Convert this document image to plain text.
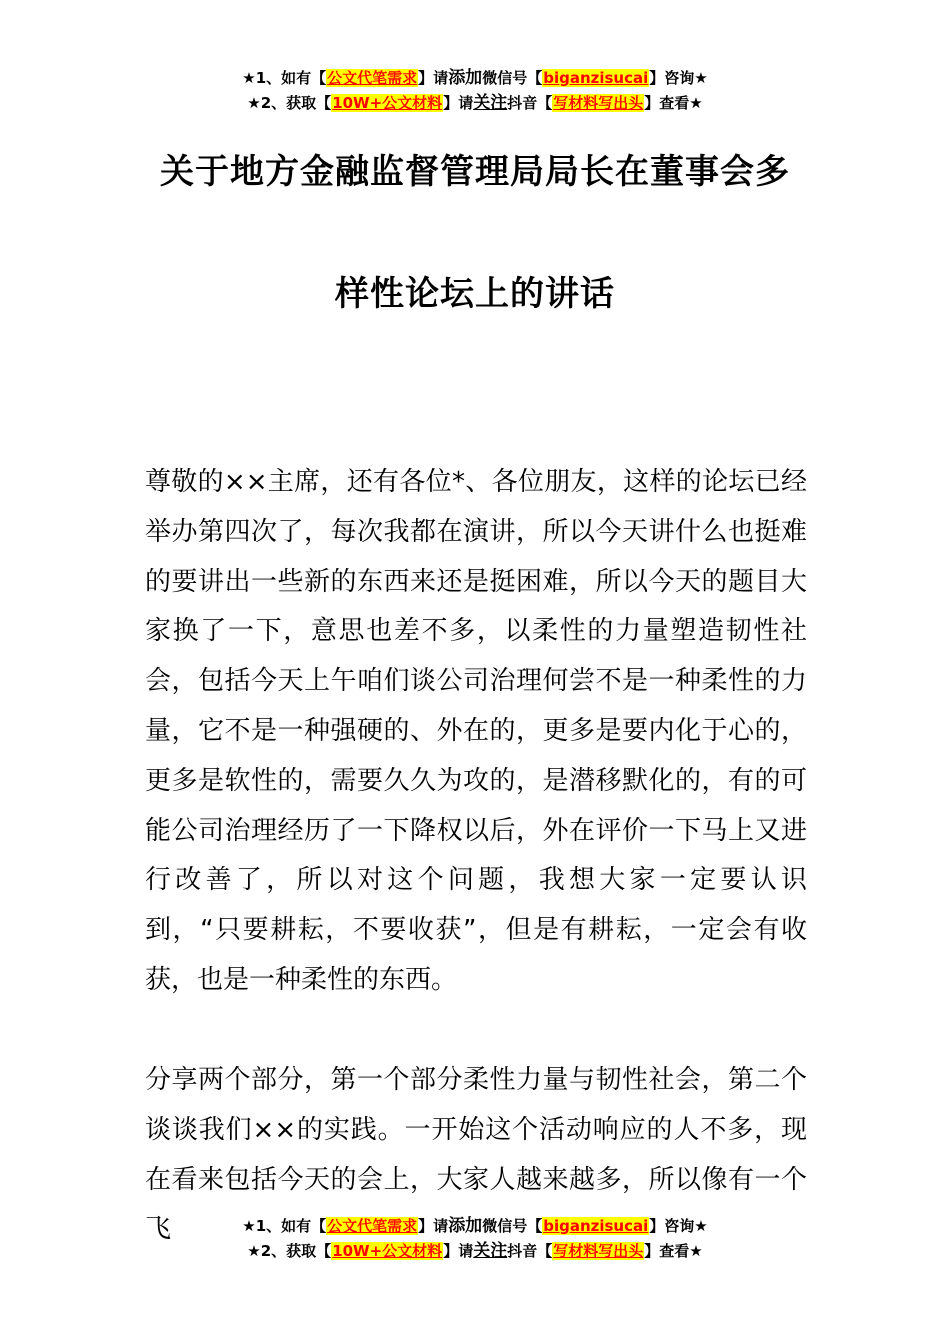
★1、如有【公文代笔需求】请添加微信号【biganzisucai】咨询★
★2、获取【10W+公文材料】请关注抖音【写材料写出头】查看★
关于地方金融监督管理局局长在董事会多
样性论坛上的讲话

尊敬的××主席，还有各位*、各位朋友，这样的论坛已经举办第四次了，每次我都在演讲，所以今天讲什么也挺难的要讲出一些新的东西来还是挺困难，所以今天的题目大家换了一下，意思也差不多，以柔性的力量塑造韧性社会，包括今天上午咱们谈公司治理何尝不是一种柔性的力量，它不是一种强硬的、外在的，更多是要内化于心的，更多是软性的，需要久久为攻的，是潜移默化的，有的可能公司治理经历了一下降权以后，外在评价一下马上又进行改善了，所以对这个问题，我想大家一定要认识到，“只要耕耘，不要收获”，但是有耕耘，一定会有收获，也是一种柔性的东西。

分享两个部分，第一个部分柔性力量与韧性社会，第二个谈谈我们××的实践。一开始这个活动响应的人不多，现在看来包括今天的会上，大家人越来越多，所以像有一个飞	★1、如有【公文代笔需求】请添加微信号【biganzisucai】咨询★
★2、获取【10W+公文材料】请关注抖音【写材料写出头】查看★
